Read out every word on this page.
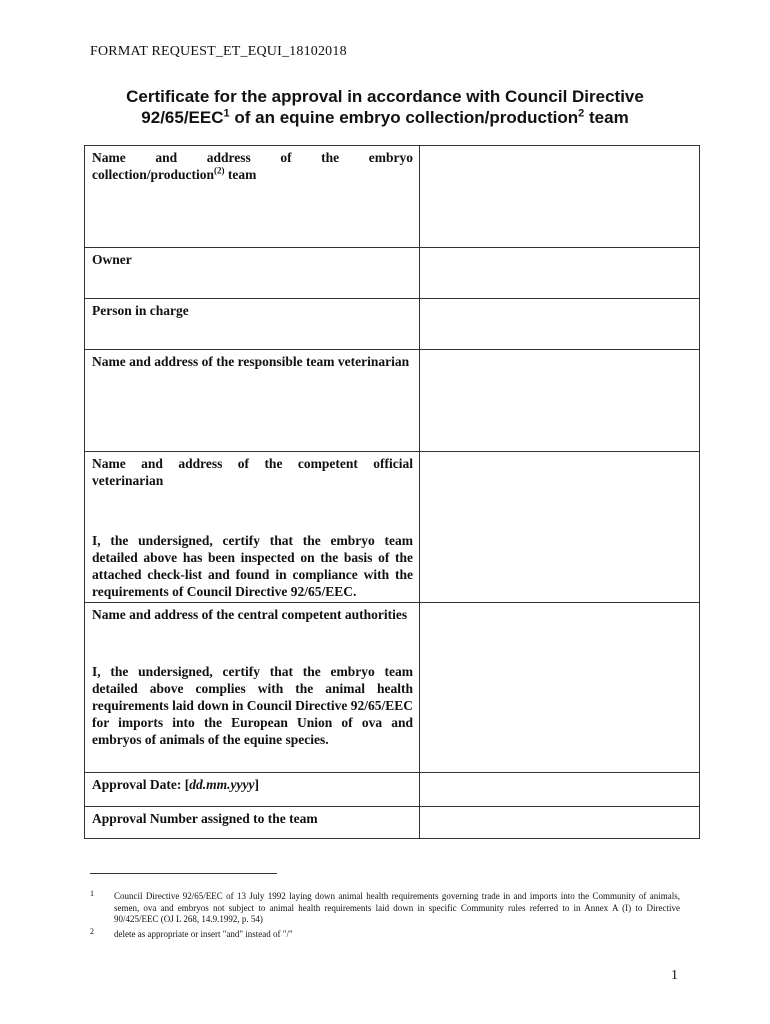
FORMAT REQUEST_ET_EQUI_18102018
Certificate for the approval in accordance with Council Directive
92/65/EEC$^1$ of an equine embryo collection/production$^2$ team
Name and address of the embryo collection/production$^{(2)}$ team	
Owner	
Person in charge	
Name and address of the responsible team veterinarian	
Name and address of the competent official veterinarian
I, the undersigned, certify that the embryo team detailed above has been inspected on the basis of the attached check-list and found in compliance with the requirements of Council Directive 92/65/EEC.	

Name and address of the central competent authorities
I, the undersigned, certify that the embryo team detailed above complies with the animal health requirements laid down in Council Directive 92/65/EEC for imports into the European Union of ova and embryos of animals of the equine species.	

Approval Date: [dd.mm.yyyy]	
Approval Number assigned to the team	
1 Council Directive 92/65/EEC of 13 July 1992 laying down animal health requirements governing trade in and imports into the Community of animals, semen, ova and embryos not subject to animal health requirements laid down in specific Community rules referred to in Annex A (I) to Directive 90/425/EEC (OJ L 268, 14.9.1992, p. 54)
2 delete as appropriate or insert "and" instead of "/"
1
